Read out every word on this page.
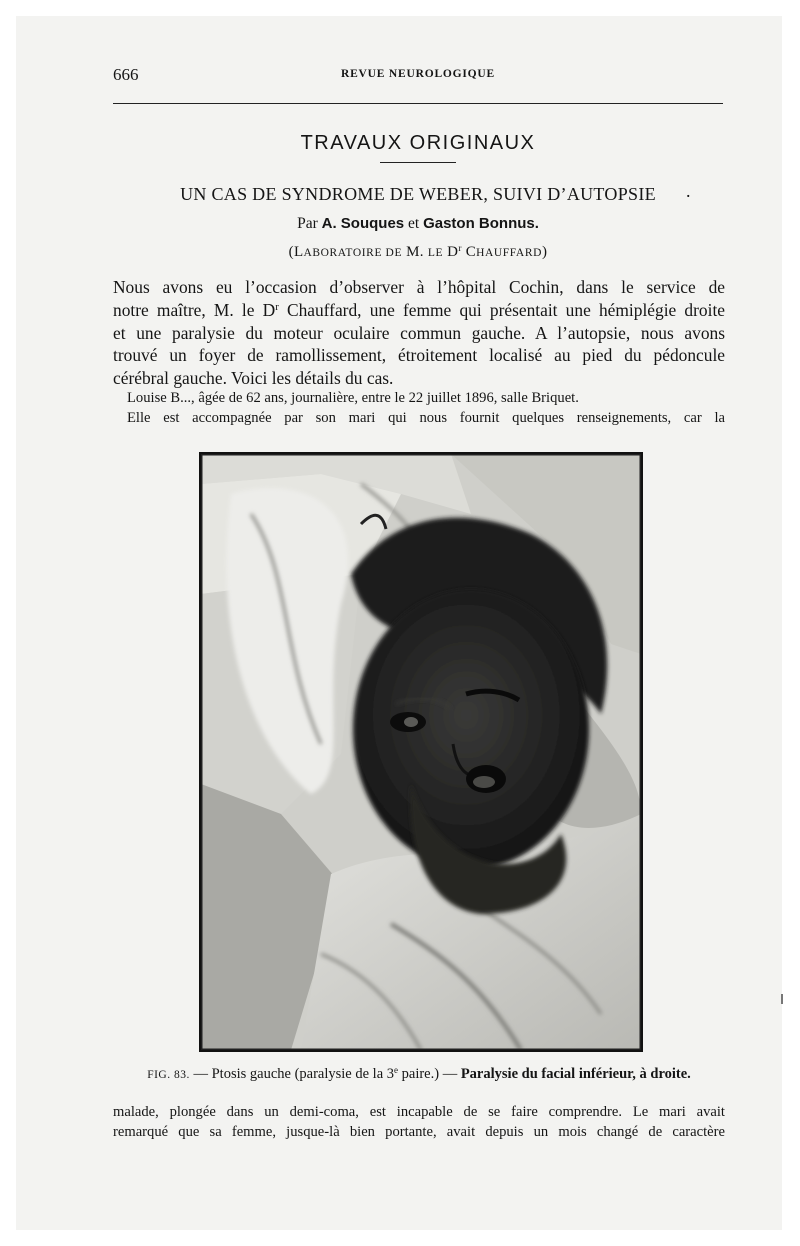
666	REVUE NEUROLOGIQUE
TRAVAUX ORIGINAUX
UN CAS DE SYNDROME DE WEBER, SUIVI D’AUTOPSIE	.
Par A. Souques et Gaston Bonnus.
(LABORATOIRE DE M. LE $D^r$ CHAUFFARD)
Nous avons eu l’occasion d’observer à l’hôpital Cochin, dans le service de
notre maître, M. le $D^r$ Chauffard, une femme qui présentait une hémiplégie droite
et une paralysie du moteur oculaire commun gauche. A l’autopsie, nous avons
trouvé un foyer de ramollissement, étroitement localisé au pied du pédoncule
cérébral gauche. Voici les détails du cas.
Louise B..., âgée de 62 ans, journalière, entre le 22 juillet 1896, salle Briquet.
Elle est accompagnée par son mari qui nous fournit quelques renseignements, car la
FIG. 83. — Ptosis gauche (paralysie de la 3e paire.) — Paralysie du facial inférieur, à droite.
malade, plongée dans un demi-coma, est incapable de se faire comprendre. Le mari avait
remarqué que sa femme, jusque-là bien portante, avait depuis un mois changé de caractère
